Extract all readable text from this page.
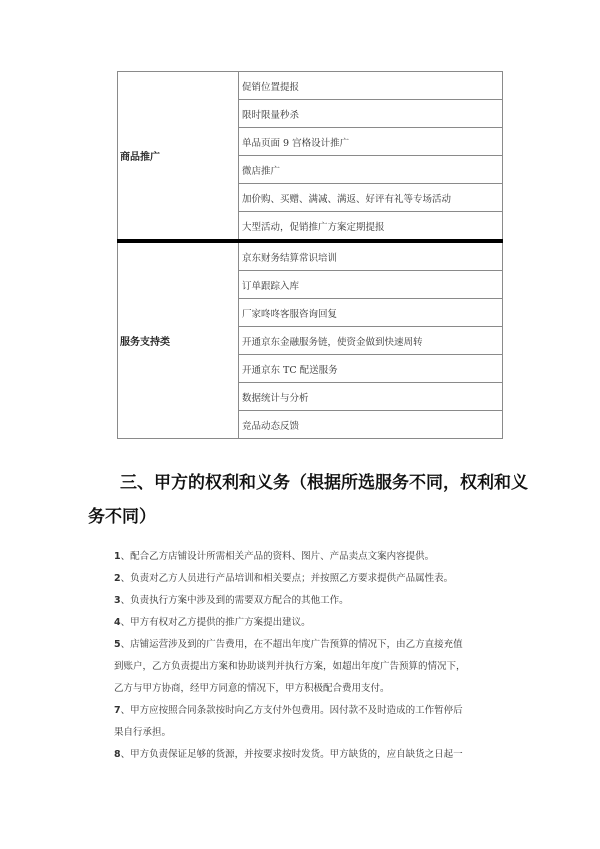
商品推广	促销位置提报
	限时限量秒杀
	单品页面 9 宫格设计推广
	微店推广
	加价购、买赠、满减、满返、好评有礼等专场活动
	大型活动，促销推广方案定期提报
服务支持类	京东财务结算常识培训
	订单跟踪入库
	厂家咚咚客服咨询回复
	开通京东金融服务链，使资金做到快速周转
	开通京东 TC 配送服务
	数据统计与分析
	竞品动态反馈
三、甲方的权利和义务（根据所选服务不同，权利和义
务不同）

1、配合乙方店铺设计所需相关产品的资料、图片、产品卖点文案内容提供。

2、负责对乙方人员进行产品培训和相关要点；并按照乙方要求提供产品属性表。

3、负责执行方案中涉及到的需要双方配合的其他工作。

4、甲方有权对乙方提供的推广方案提出建议。

5、店铺运营涉及到的广告费用，在不超出年度广告预算的情况下，由乙方直接充值

到账户，乙方负责提出方案和协助谈判并执行方案，如超出年度广告预算的情况下，

乙方与甲方协商，经甲方同意的情况下，甲方积极配合费用支付。

7、甲方应按照合同条款按时向乙方支付外包费用。因付款不及时造成的工作暂停后

果自行承担。

8、甲方负责保证足够的货源，并按要求按时发货。甲方缺货的，应自缺货之日起一
